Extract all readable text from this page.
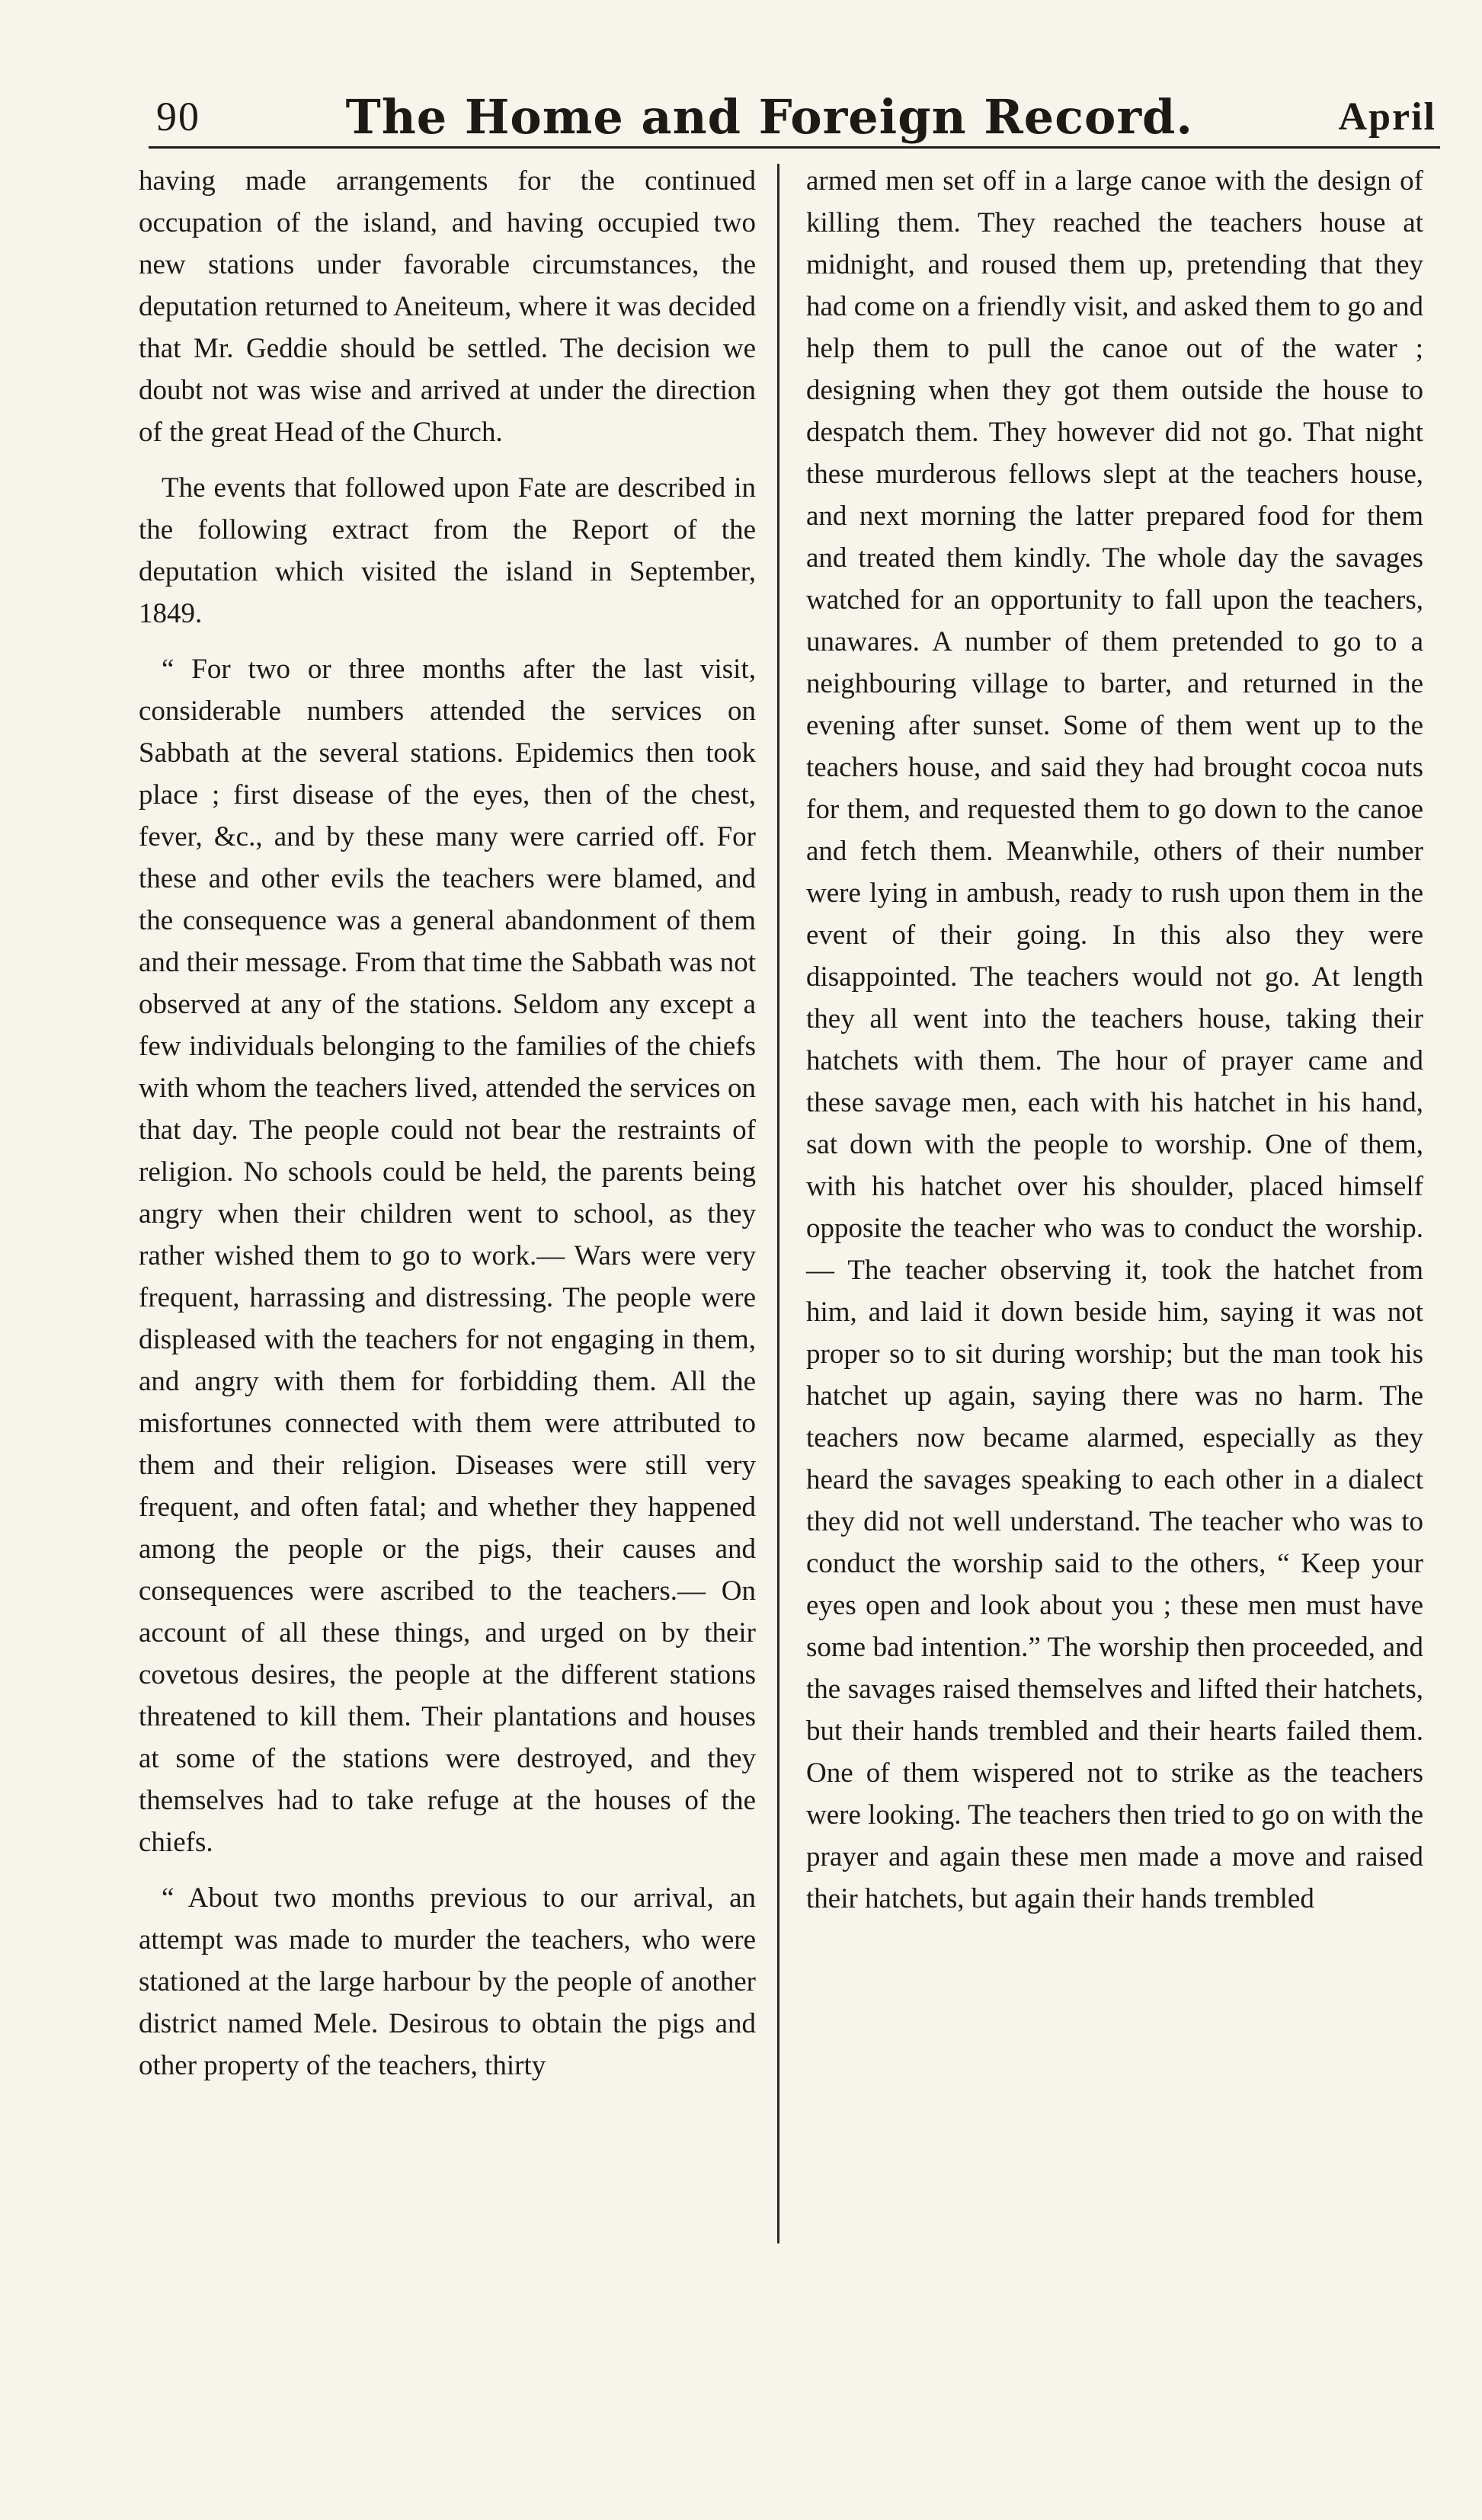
90	The Home and Foreign Record.	April

having made arrangements for the continued occupation of the island, and having occupied two new stations under favorable circumstances, the deputation returned to Aneiteum, where it was decided that Mr. Geddie should be settled. The decision we doubt not was wise and arrived at under the direction of the great Head of the Church.

The events that followed upon Fate are described in the following extract from the Report of the deputation which visited the island in September, 1849.

“ For two or three months after the last visit, considerable numbers attended the services on Sabbath at the several stations. Epidemics then took place ; first disease of the eyes, then of the chest, fever, &c., and by these many were carried off. For these and other evils the teachers were blamed, and the consequence was a general abandonment of them and their message. From that time the Sabbath was not observed at any of the stations. Seldom any except a few individuals belonging to the families of the chiefs with whom the teachers lived, attended the services on that day. The people could not bear the restraints of religion. No schools could be held, the parents being angry when their children went to school, as they rather wished them to go to work.— Wars were very frequent, harrassing and distressing. The people were displeased with the teachers for not engaging in them, and angry with them for forbidding them. All the misfortunes connected with them were attributed to them and their religion. Diseases were still very frequent, and often fatal; and whether they happened among the people or the pigs, their causes and consequences were ascribed to the teachers.— On account of all these things, and urged on by their covetous desires, the people at the different stations threatened to kill them. Their plantations and houses at some of the stations were destroyed, and they themselves had to take refuge at the houses of the chiefs.

“ About two months previous to our arrival, an attempt was made to murder the teachers, who were stationed at the large harbour by the people of another district named Mele. Desirous to obtain the pigs and other property of the teachers, thirty

armed men set off in a large canoe with the design of killing them. They reached the teachers house at midnight, and roused them up, pretending that they had come on a friendly visit, and asked them to go and help them to pull the canoe out of the water ; designing when they got them outside the house to despatch them. They however did not go. That night these murderous fellows slept at the teachers house, and next morning the latter prepared food for them and treated them kindly. The whole day the savages watched for an opportunity to fall upon the teachers, unawares. A number of them pretended to go to a neighbouring village to barter, and returned in the evening after sunset. Some of them went up to the teachers house, and said they had brought cocoa nuts for them, and requested them to go down to the canoe and fetch them. Meanwhile, others of their number were lying in ambush, ready to rush upon them in the event of their going. In this also they were disappointed. The teachers would not go. At length they all went into the teachers house, taking their hatchets with them. The hour of prayer came and these savage men, each with his hatchet in his hand, sat down with the people to worship. One of them, with his hatchet over his shoulder, placed himself opposite the teacher who was to conduct the worship.— The teacher observing it, took the hatchet from him, and laid it down beside him, saying it was not proper so to sit during worship; but the man took his hatchet up again, saying there was no harm. The teachers now became alarmed, especially as they heard the savages speaking to each other in a dialect they did not well understand. The teacher who was to conduct the worship said to the others, “ Keep your eyes open and look about you ; these men must have some bad intention.” The worship then proceeded, and the savages raised themselves and lifted their hatchets, but their hands trembled and their hearts failed them. One of them wispered not to strike as the teachers were looking. The teachers then tried to go on with the prayer and again these men made a move and raised their hatchets, but again their hands trembled
